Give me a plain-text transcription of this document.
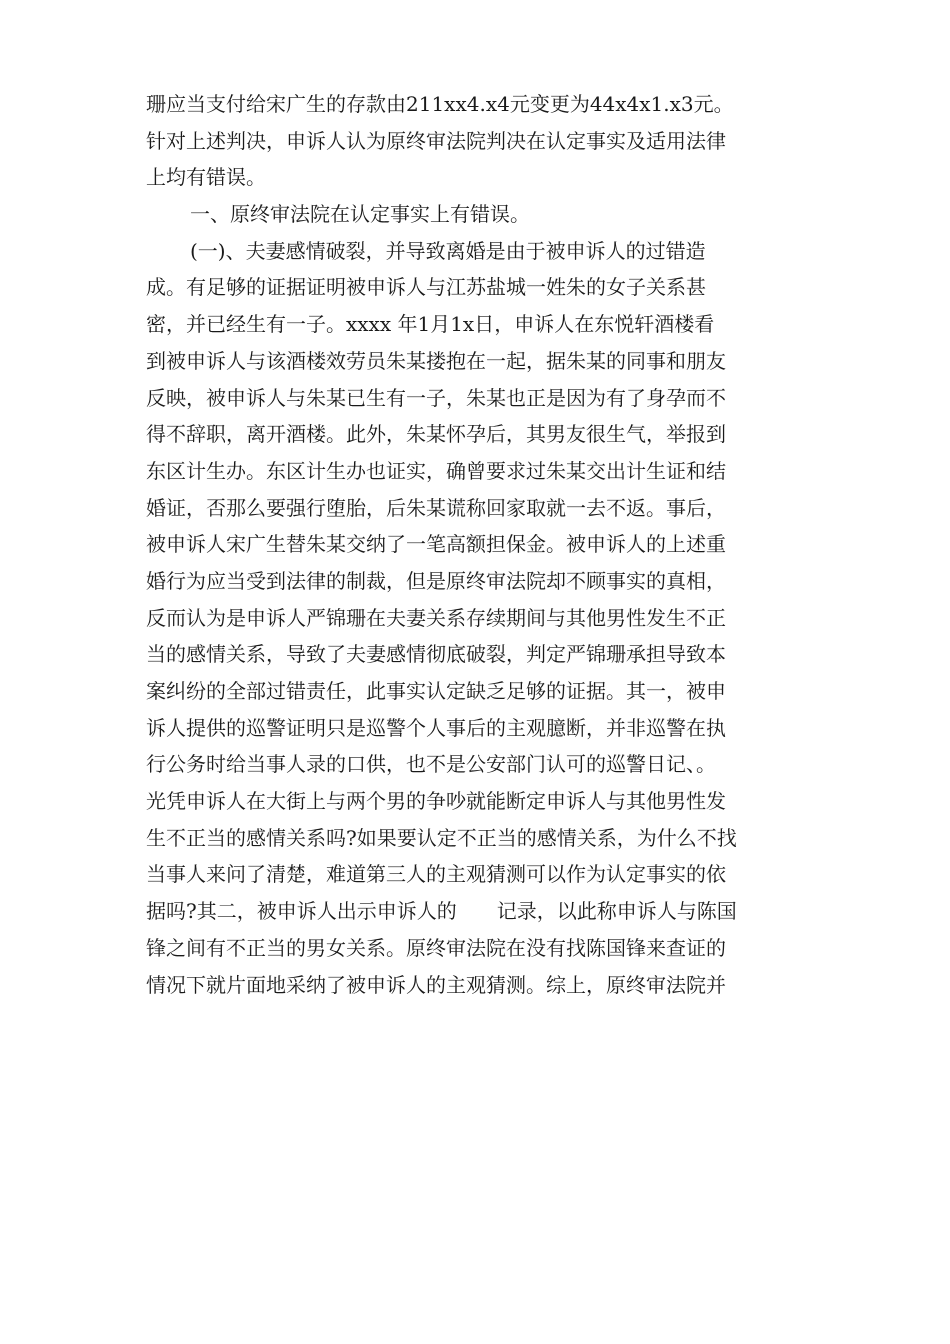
珊应当支付给宋广生的存款由211xx4.x4元变更为44x4x1.x3元。
针对上述判决，申诉人认为原终审法院判决在认定事实及适用法律
上均有错误。
一、原终审法院在认定事实上有错误。
(一)、夫妻感情破裂，并导致离婚是由于被申诉人的过错造
成。有足够的证据证明被申诉人与江苏盐城一姓朱的女子关系甚
密，并已经生有一子。xxxx 年1月1x日，申诉人在东悦轩酒楼看
到被申诉人与该酒楼效劳员朱某搂抱在一起，据朱某的同事和朋友
反映，被申诉人与朱某已生有一子，朱某也正是因为有了身孕而不
得不辞职，离开酒楼。此外，朱某怀孕后，其男友很生气，举报到
东区计生办。东区计生办也证实，确曾要求过朱某交出计生证和结
婚证，否那么要强行堕胎，后朱某谎称回家取就一去不返。事后，
被申诉人宋广生替朱某交纳了一笔高额担保金。被申诉人的上述重
婚行为应当受到法律的制裁，但是原终审法院却不顾事实的真相，
反而认为是申诉人严锦珊在夫妻关系存续期间与其他男性发生不正
当的感情关系，导致了夫妻感情彻底破裂，判定严锦珊承担导致本
案纠纷的全部过错责任，此事实认定缺乏足够的证据。其一，被申
诉人提供的巡警证明只是巡警个人事后的主观臆断，并非巡警在执
行公务时给当事人录的口供，也不是公安部门认可的巡警日记、。
光凭申诉人在大街上与两个男的争吵就能断定申诉人与其他男性发
生不正当的感情关系吗?如果要认定不正当的感情关系，为什么不找
当事人来问了清楚，难道第三人的主观猜测可以作为认定事实的依
据吗?其二，被申诉人出示申诉人的　　记录，以此称申诉人与陈国
锋之间有不正当的男女关系。原终审法院在没有找陈国锋来查证的
情况下就片面地采纳了被申诉人的主观猜测。综上，原终审法院并
